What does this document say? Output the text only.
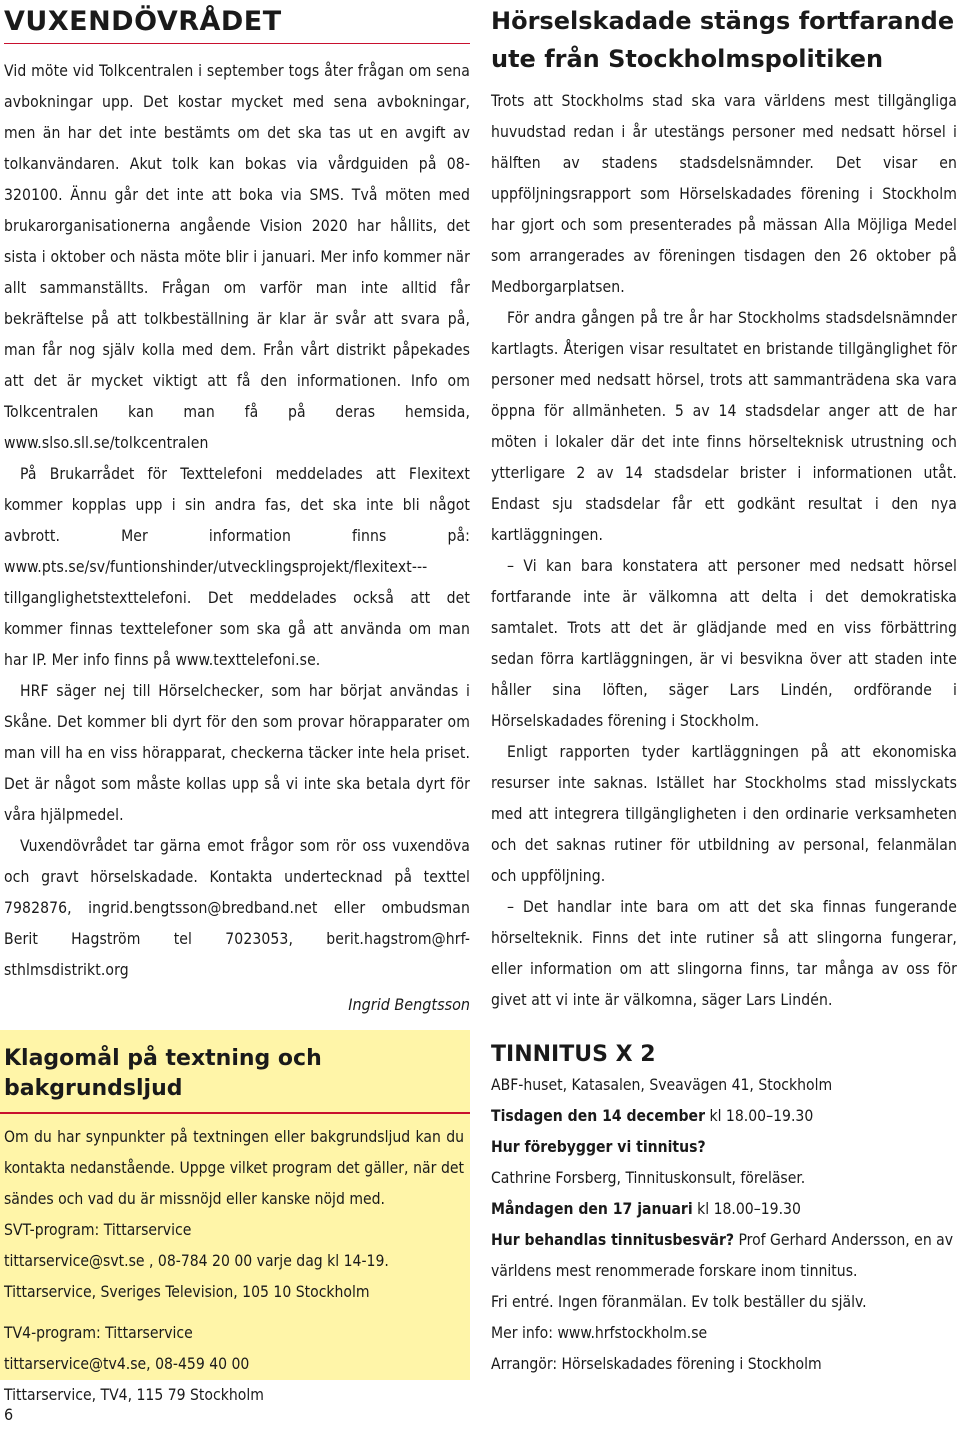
VUXENDÖVRÅDET

Vid möte vid Tolkcentralen i september togs åter frågan om sena avbokningar upp. Det kostar mycket med sena avbokningar, men än har det inte bestämts om det ska tas ut en avgift av tolkanvändaren. Akut tolk kan bokas via vårdguiden på 08-320100. Ännu går det inte att boka via SMS. Två möten med brukarorganisationerna angående Vision 2020 har hållits, det sista i oktober och nästa möte blir i januari. Mer info kommer när allt sammanställts. Frågan om varför man inte alltid får bekräftelse på att tolkbeställning är klar är svår att svara på, man får nog själv kolla med dem. Från vårt distrikt påpekades att det är mycket viktigt att få den informationen. Info om Tolkcentralen kan man få på deras hemsida, www.slso.sll.se/tolkcentralen

På Brukarrådet för Texttelefoni meddelades att Flexitext kommer kopplas upp i sin andra fas, det ska inte bli något avbrott. Mer information finns på: www.pts.se/sv/funtionshinder/utvecklingsprojekt/flexitext---tillganglighetstexttelefoni. Det meddelades också att det kommer finnas texttelefoner som ska gå att använda om man har IP. Mer info finns på www.texttelefoni.se.

HRF säger nej till Hörselchecker, som har börjat användas i Skåne. Det kommer bli dyrt för den som provar hörapparater om man vill ha en viss hörapparat, checkerna täcker inte hela priset. Det är något som måste kollas upp så vi inte ska betala dyrt för våra hjälpmedel.

Vuxendövrådet tar gärna emot frågor som rör oss vuxendöva och gravt hörselskadade. Kontakta undertecknad på texttel 7982876, ingrid.bengtsson@bredband.net eller ombudsman Berit Hagström tel 7023053, berit.hagstrom@hrf-sthlmsdistrikt.org

Ingrid Bengtsson

Klagomål på textning och bakgrundsljud

Om du har synpunkter på textningen eller bakgrundsljud kan du kontakta nedanstående. Uppge vilket program det gäller, när det sändes och vad du är missnöjd eller kanske nöjd med.

SVT-program: Tittarservice

tittarservice@svt.se , 08-784 20 00 varje dag kl 14-19.

Tittarservice, Sveriges Television, 105 10 Stockholm

TV4-program: Tittarservice

tittarservice@tv4.se, 08-459 40 00

Tittarservice, TV4, 115 79 Stockholm

Hörselskadade stängs fortfarande ute från Stockholmspolitiken

Trots att Stockholms stad ska vara världens mest tillgängliga huvudstad redan i år utestängs personer med nedsatt hörsel i hälften av stadens stadsdelsnämnder. Det visar en uppföljningsrapport som Hörselskadades förening i Stockholm har gjort och som presenterades på mässan Alla Möjliga Medel som arrangerades av föreningen tisdagen den 26 oktober på Medborgarplatsen.

För andra gången på tre år har Stockholms stadsdelsnämnder kartlagts. Återigen visar resultatet en bristande tillgänglighet för personer med nedsatt hörsel, trots att sammanträdena ska vara öppna för allmänheten. 5 av 14 stadsdelar anger att de har möten i lokaler där det inte finns hörselteknisk utrustning och ytterligare 2 av 14 stadsdelar brister i informationen utåt. Endast sju stadsdelar får ett godkänt resultat i den nya kartläggningen.

– Vi kan bara konstatera att personer med nedsatt hörsel fortfarande inte är välkomna att delta i det demokratiska samtalet. Trots att det är glädjande med en viss förbättring sedan förra kartläggningen, är vi besvikna över att staden inte håller sina löften, säger Lars Lindén, ordförande i Hörselskadades förening i Stockholm.

Enligt rapporten tyder kartläggningen på att ekonomiska resurser inte saknas. Istället har Stockholms stad misslyckats med att integrera tillgängligheten i den ordinarie verksamheten och det saknas rutiner för utbildning av personal, felanmälan och uppföljning.

– Det handlar inte bara om att det ska finnas fungerande hörselteknik. Finns det inte rutiner så att slingorna fungerar, eller information om att slingorna finns, tar många av oss för givet att vi inte är välkomna, säger Lars Lindén.

TINNITUS X 2

ABF-huset, Katasalen, Sveavägen 41, Stockholm

Tisdagen den 14 december kl 18.00–19.30

Hur förebygger vi tinnitus?

Cathrine Forsberg, Tinnituskonsult, föreläser.

Måndagen den 17 januari kl 18.00–19.30

Hur behandlas tinnitusbesvär? Prof Gerhard Andersson, en av världens mest renommerade forskare inom tinnitus.

Fri entré. Ingen föranmälan. Ev tolk beställer du själv.

Mer info: www.hrfstockholm.se

Arrangör: Hörselskadades förening i Stockholm

6
